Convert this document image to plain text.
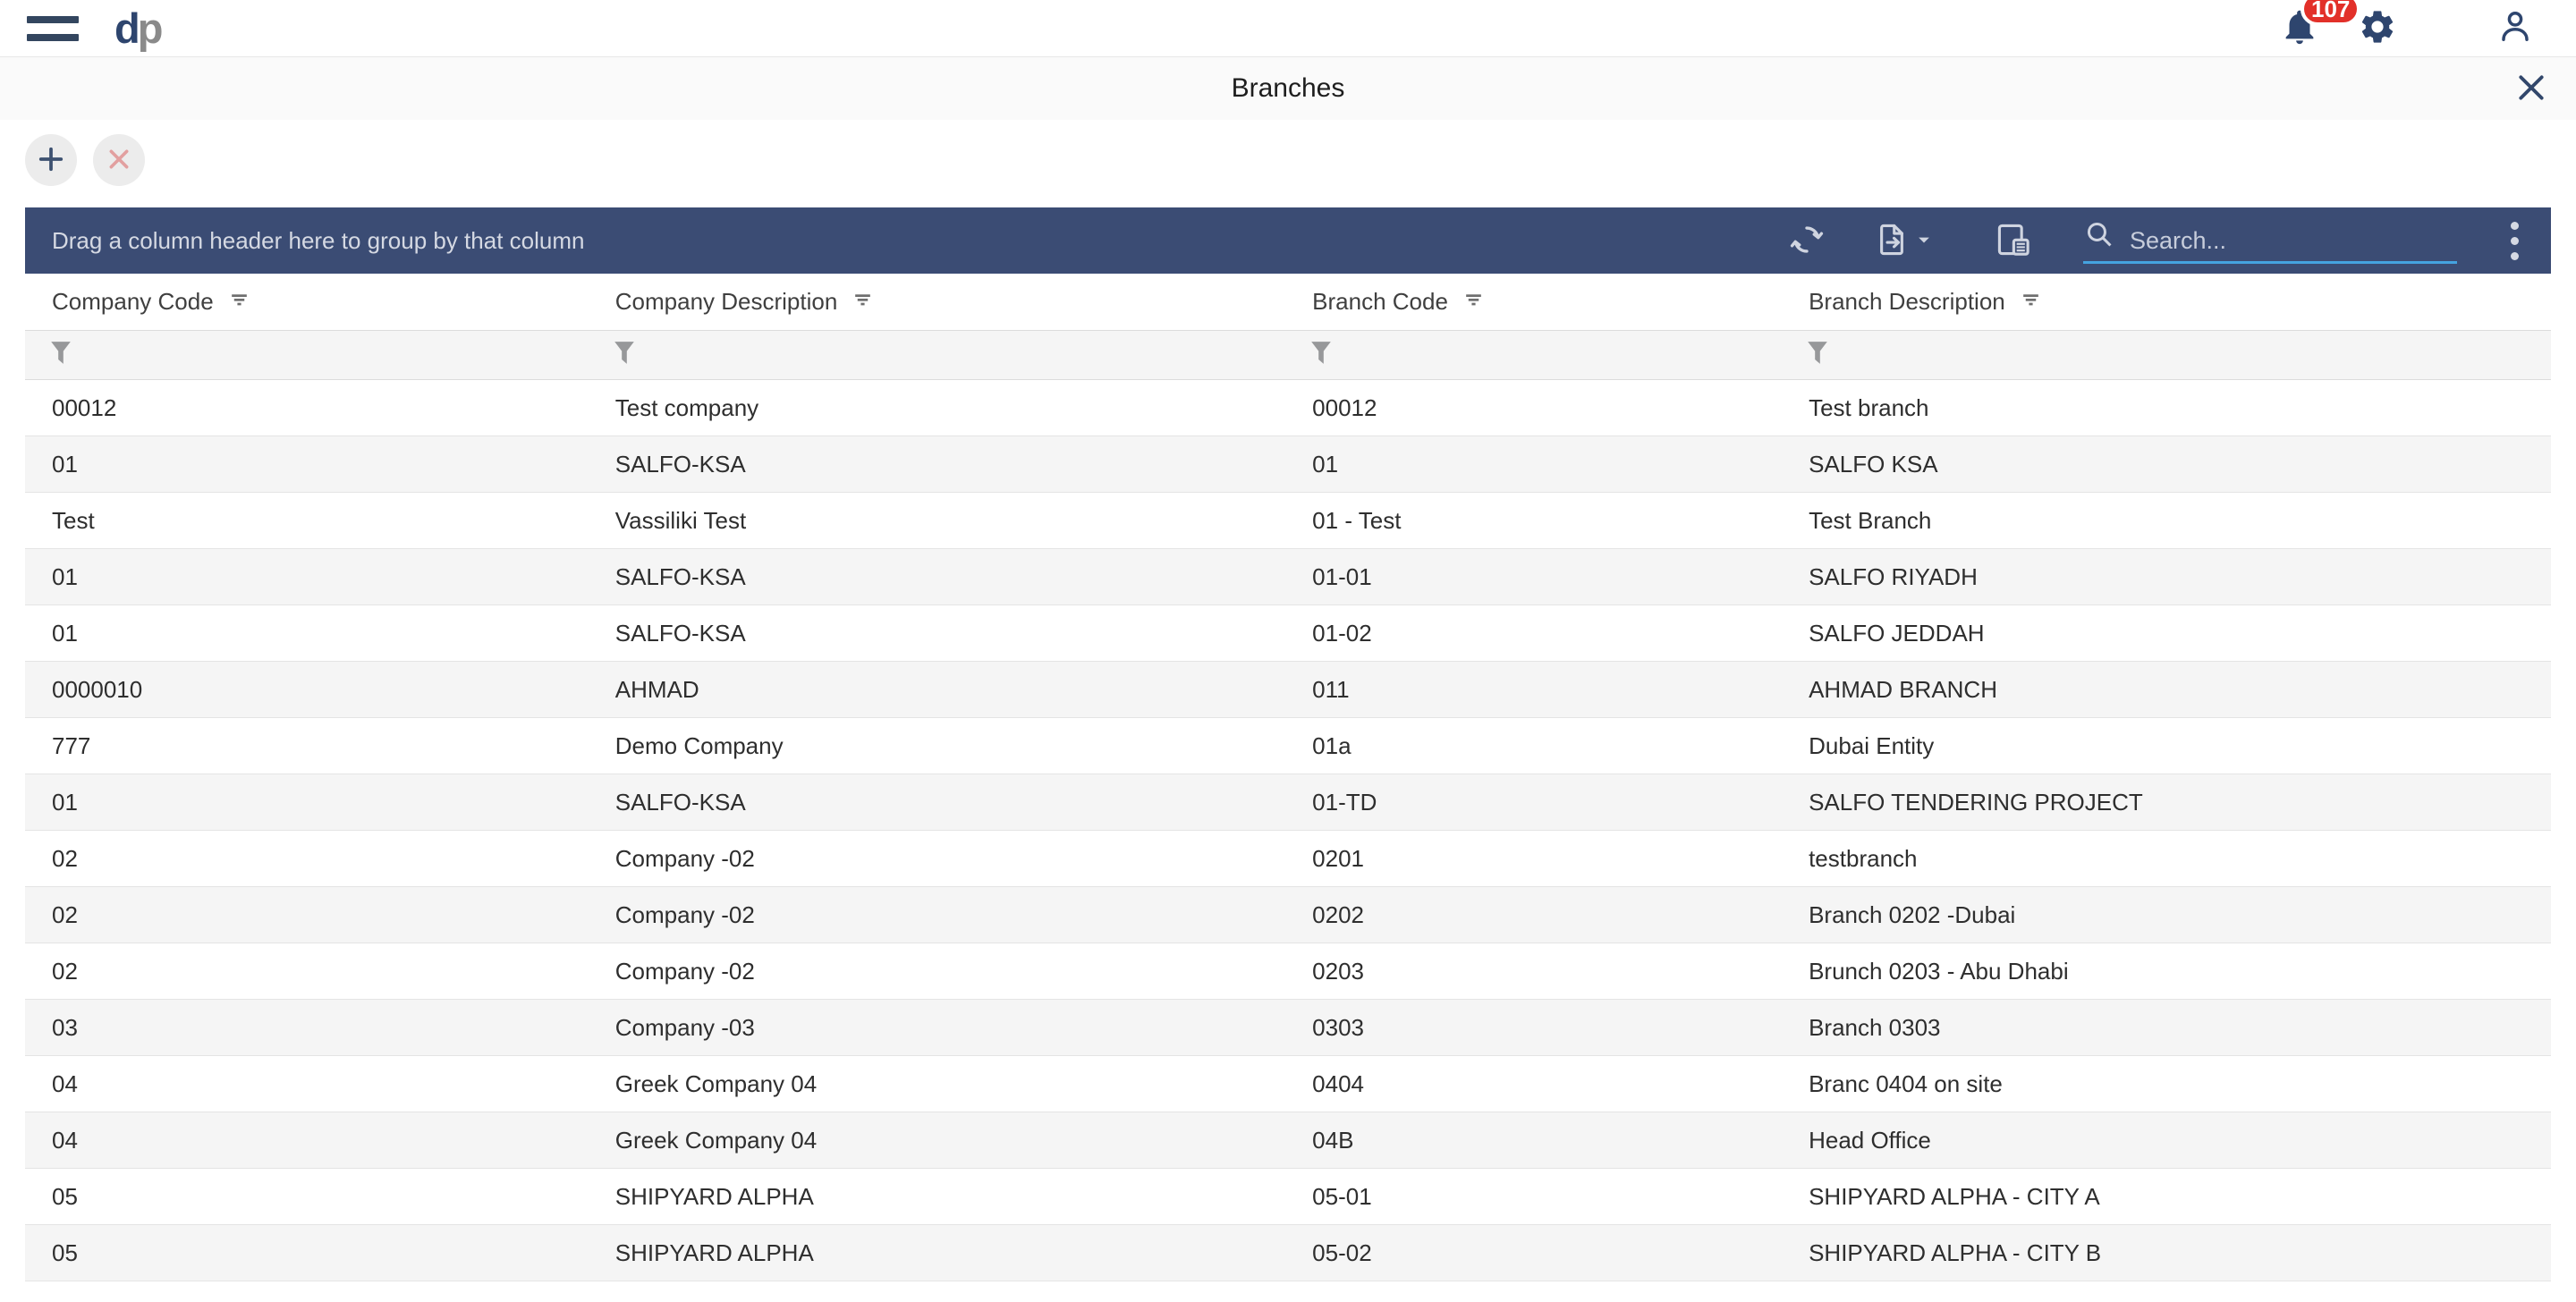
dp	107
Branches
Drag a column header here to group by that column
Search...
Company Code	Company Description	Branch Code	Branch Description
00012	Test company	00012	Test branch
01	SALFO-KSA	01	SALFO KSA
Test	Vassiliki Test	01 - Test	Test Branch
01	SALFO-KSA	01-01	SALFO RIYADH
01	SALFO-KSA	01-02	SALFO JEDDAH
0000010	AHMAD	011	AHMAD BRANCH
777	Demo Company	01a	Dubai Entity
01	SALFO-KSA	01-TD	SALFO TENDERING PROJECT
02	Company -02	0201	testbranch
02	Company -02	0202	Branch 0202 -Dubai
02	Company -02	0203	Brunch 0203 - Abu Dhabi
03	Company -03	0303	Branch 0303
04	Greek Company 04	0404	Branc 0404 on site
04	Greek Company 04	04B	Head Office
05	SHIPYARD ALPHA	05-01	SHIPYARD ALPHA - CITY A
05	SHIPYARD ALPHA	05-02	SHIPYARD ALPHA - CITY B
